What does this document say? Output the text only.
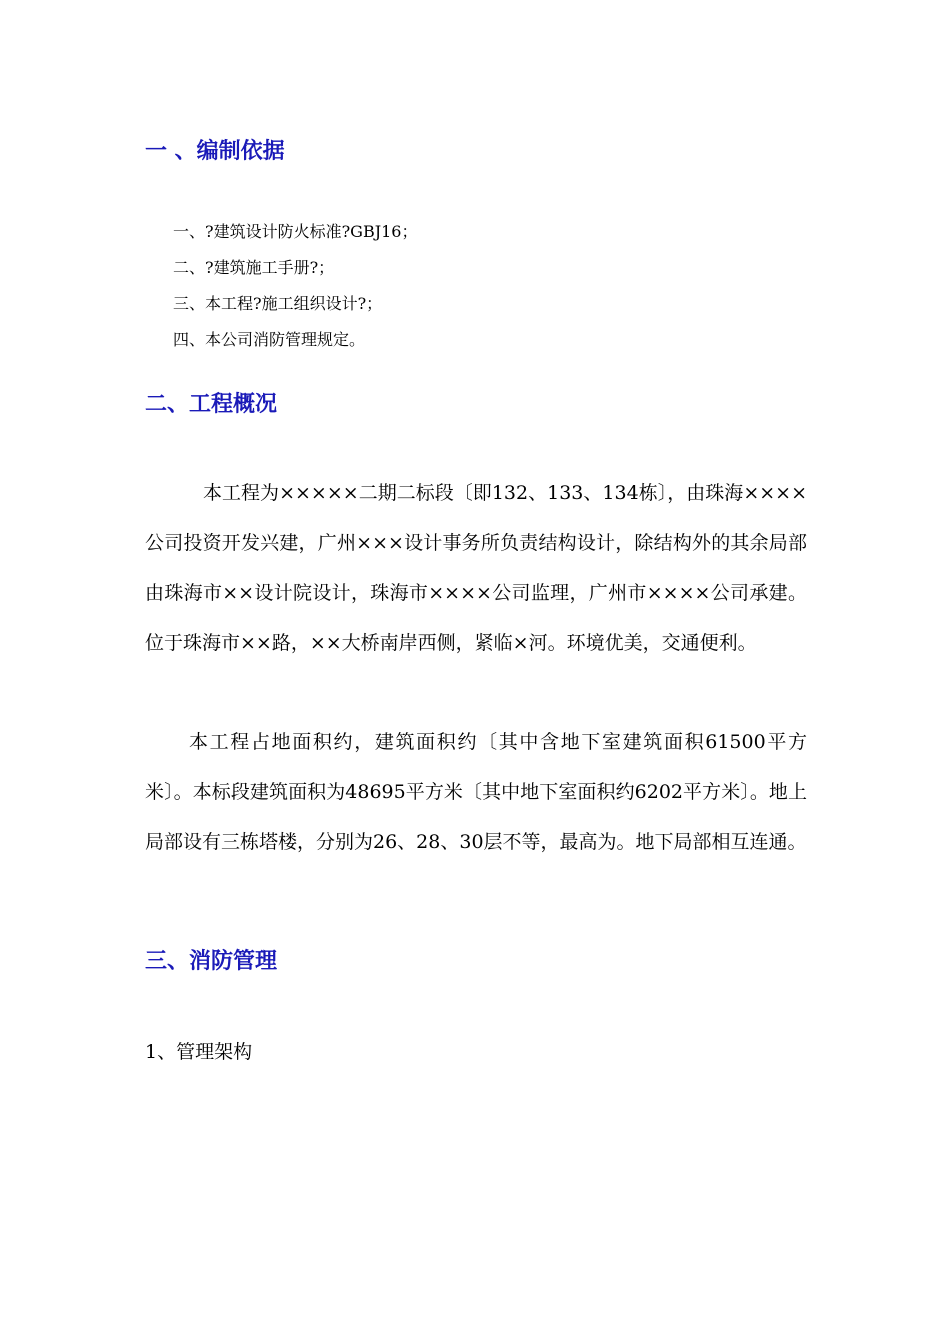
一 、编制依据
一、?建筑设计防火标准?GBJ16；
二、?建筑施工手册?；
三、本工程?施工组织设计?；
四、本公司消防管理规定。
二、工程概况

本工程为×××××二期二标段〔即132、133、134栋〕，由珠海××××公司投资开发兴建，广州×××设计事务所负责结构设计，除结构外的其余局部由珠海市××设计院设计，珠海市××××公司监理，广州市××××公司承建。位于珠海市××路，××大桥南岸西侧，紧临×河。环境优美，交通便利。

本工程占地面积约，建筑面积约〔其中含地下室建筑面积61500平方米〕。本标段建筑面积为48695平方米〔其中地下室面积约6202平方米〕。地上局部设有三栋塔楼，分别为26、28、30层不等，最高为。地下局部相互连通。

三、消防管理

1、管理架构
